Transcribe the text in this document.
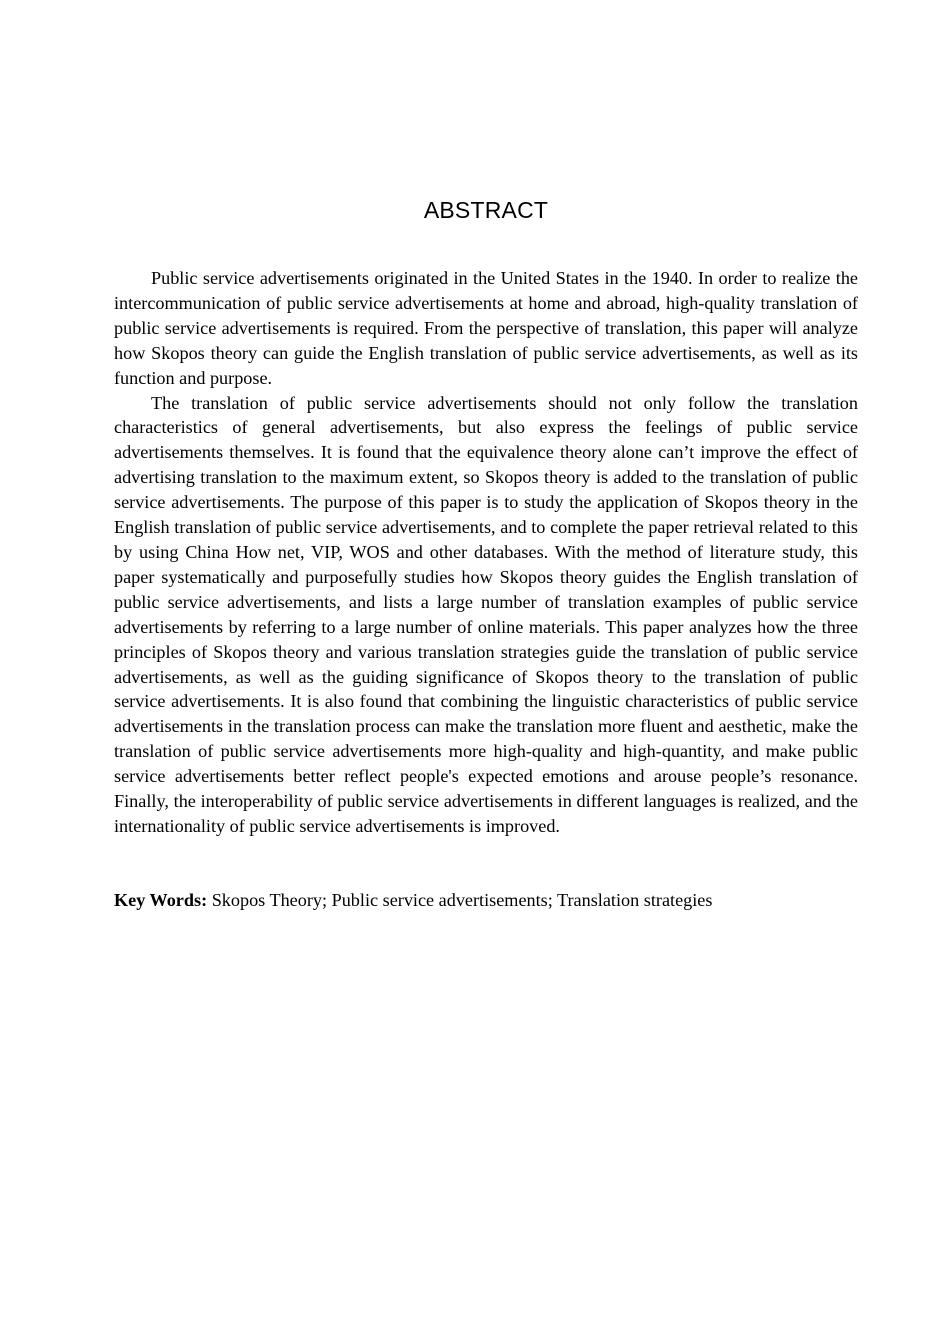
ABSTRACT

Public service advertisements originated in the United States in the 1940. In order to realize the intercommunication of public service advertisements at home and abroad, high-quality translation of public service advertisements is required. From the perspective of translation, this paper will analyze how Skopos theory can guide the English translation of public service advertisements, as well as its function and purpose.

The translation of public service advertisements should not only follow the translation characteristics of general advertisements, but also express the feelings of public service advertisements themselves. It is found that the equivalence theory alone can’t improve the effect of advertising translation to the maximum extent, so Skopos theory is added to the translation of public service advertisements. The purpose of this paper is to study the application of Skopos theory in the English translation of public service advertisements, and to complete the paper retrieval related to this by using China How net, VIP, WOS and other databases. With the method of literature study, this paper systematically and purposefully studies how Skopos theory guides the English translation of public service advertisements, and lists a large number of translation examples of public service advertisements by referring to a large number of online materials. This paper analyzes how the three principles of Skopos theory and various translation strategies guide the translation of public service advertisements, as well as the guiding significance of Skopos theory to the translation of public service advertisements. It is also found that combining the linguistic characteristics of public service advertisements in the translation process can make the translation more fluent and aesthetic, make the translation of public service advertisements more high-quality and high-quantity, and make public service advertisements better reflect people's expected emotions and arouse people’s resonance. Finally, the interoperability of public service advertisements in different languages is realized, and the internationality of public service advertisements is improved.

Key Words: Skopos Theory; Public service advertisements; Translation strategies
